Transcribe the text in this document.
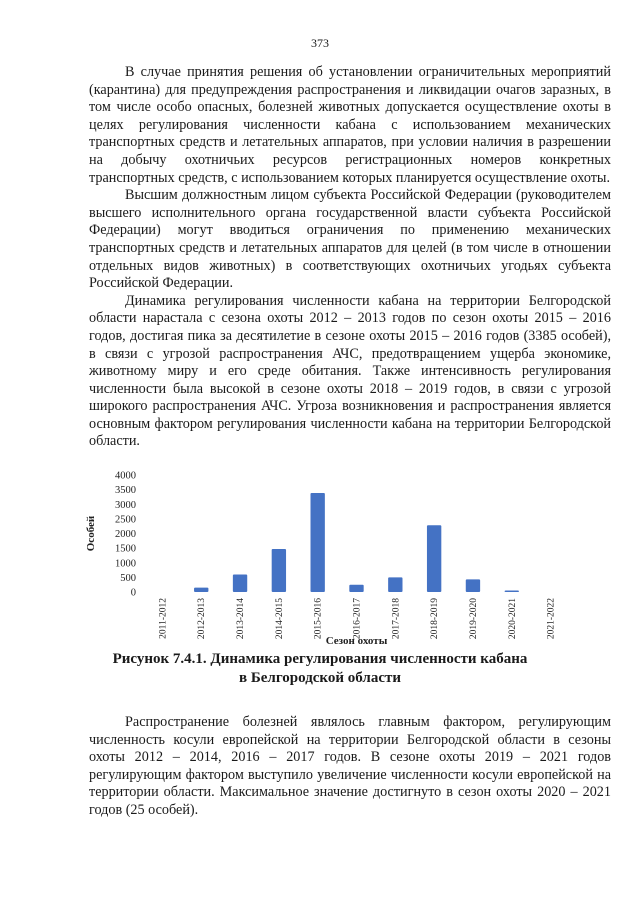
373

В случае принятия решения об установлении ограничительных мероприятий (карантина) для предупреждения распространения и ликвидации очагов заразных, в том числе особо опасных, болезней животных допускается осуществление охоты в целях регулирования численности кабана с использованием механических транспортных средств и летательных аппаратов, при условии наличия в разрешении на добычу охотничьих ресурсов регистрационных номеров конкретных транспортных средств, с использованием которых планируется осуществление охоты.

Высшим должностным лицом субъекта Российской Федерации (руководителем высшего исполнительного органа государственной власти субъекта Российской Федерации) могут вводиться ограничения по применению механических транспортных средств и летательных аппаратов для целей (в том числе в отношении отдельных видов животных) в соответствующих охотничьих угодьях субъекта Российской Федерации.

Динамика регулирования численности кабана на территории Белгородской области нарастала с сезона охоты 2012 – 2013 годов по сезон охоты 2015 – 2016 годов, достигая пика за десятилетие в сезоне охоты 2015 – 2016 годов (3385 особей), в связи с угрозой распространения АЧС, предотвращением ущерба экономике, животному миру и его среде обитания. Также интенсивность регулирования численности была высокой в сезоне охоты 2018 – 2019 годов, в связи с угрозой широкого распространения АЧС. Угроза возникновения и распространения является основным фактором регулирования численности кабана на территории Белгородской области.

0
500
1000
1500
2000
2500
3000
3500
4000
Особей
2011-2012	2012-2013	2013-2014	2014-2015	2015-2016	2016-2017	2017-2018	2018-2019	2019-2020	2020-2021	2021-2022
Сезон охоты
Рисунок 7.4.1. Динамика регулирования численности кабана
в Белгородской области

Распространение болезней являлось главным фактором, регулирующим численность косули европейской на территории Белгородской области в сезоны охоты 2012 – 2014, 2016 – 2017 годов. В сезоне охоты 2019 – 2021 годов регулирующим фактором выступило увеличение численности косули европейской на территории области. Максимальное значение достигнуто в сезон охоты 2020 – 2021 годов (25 особей).
